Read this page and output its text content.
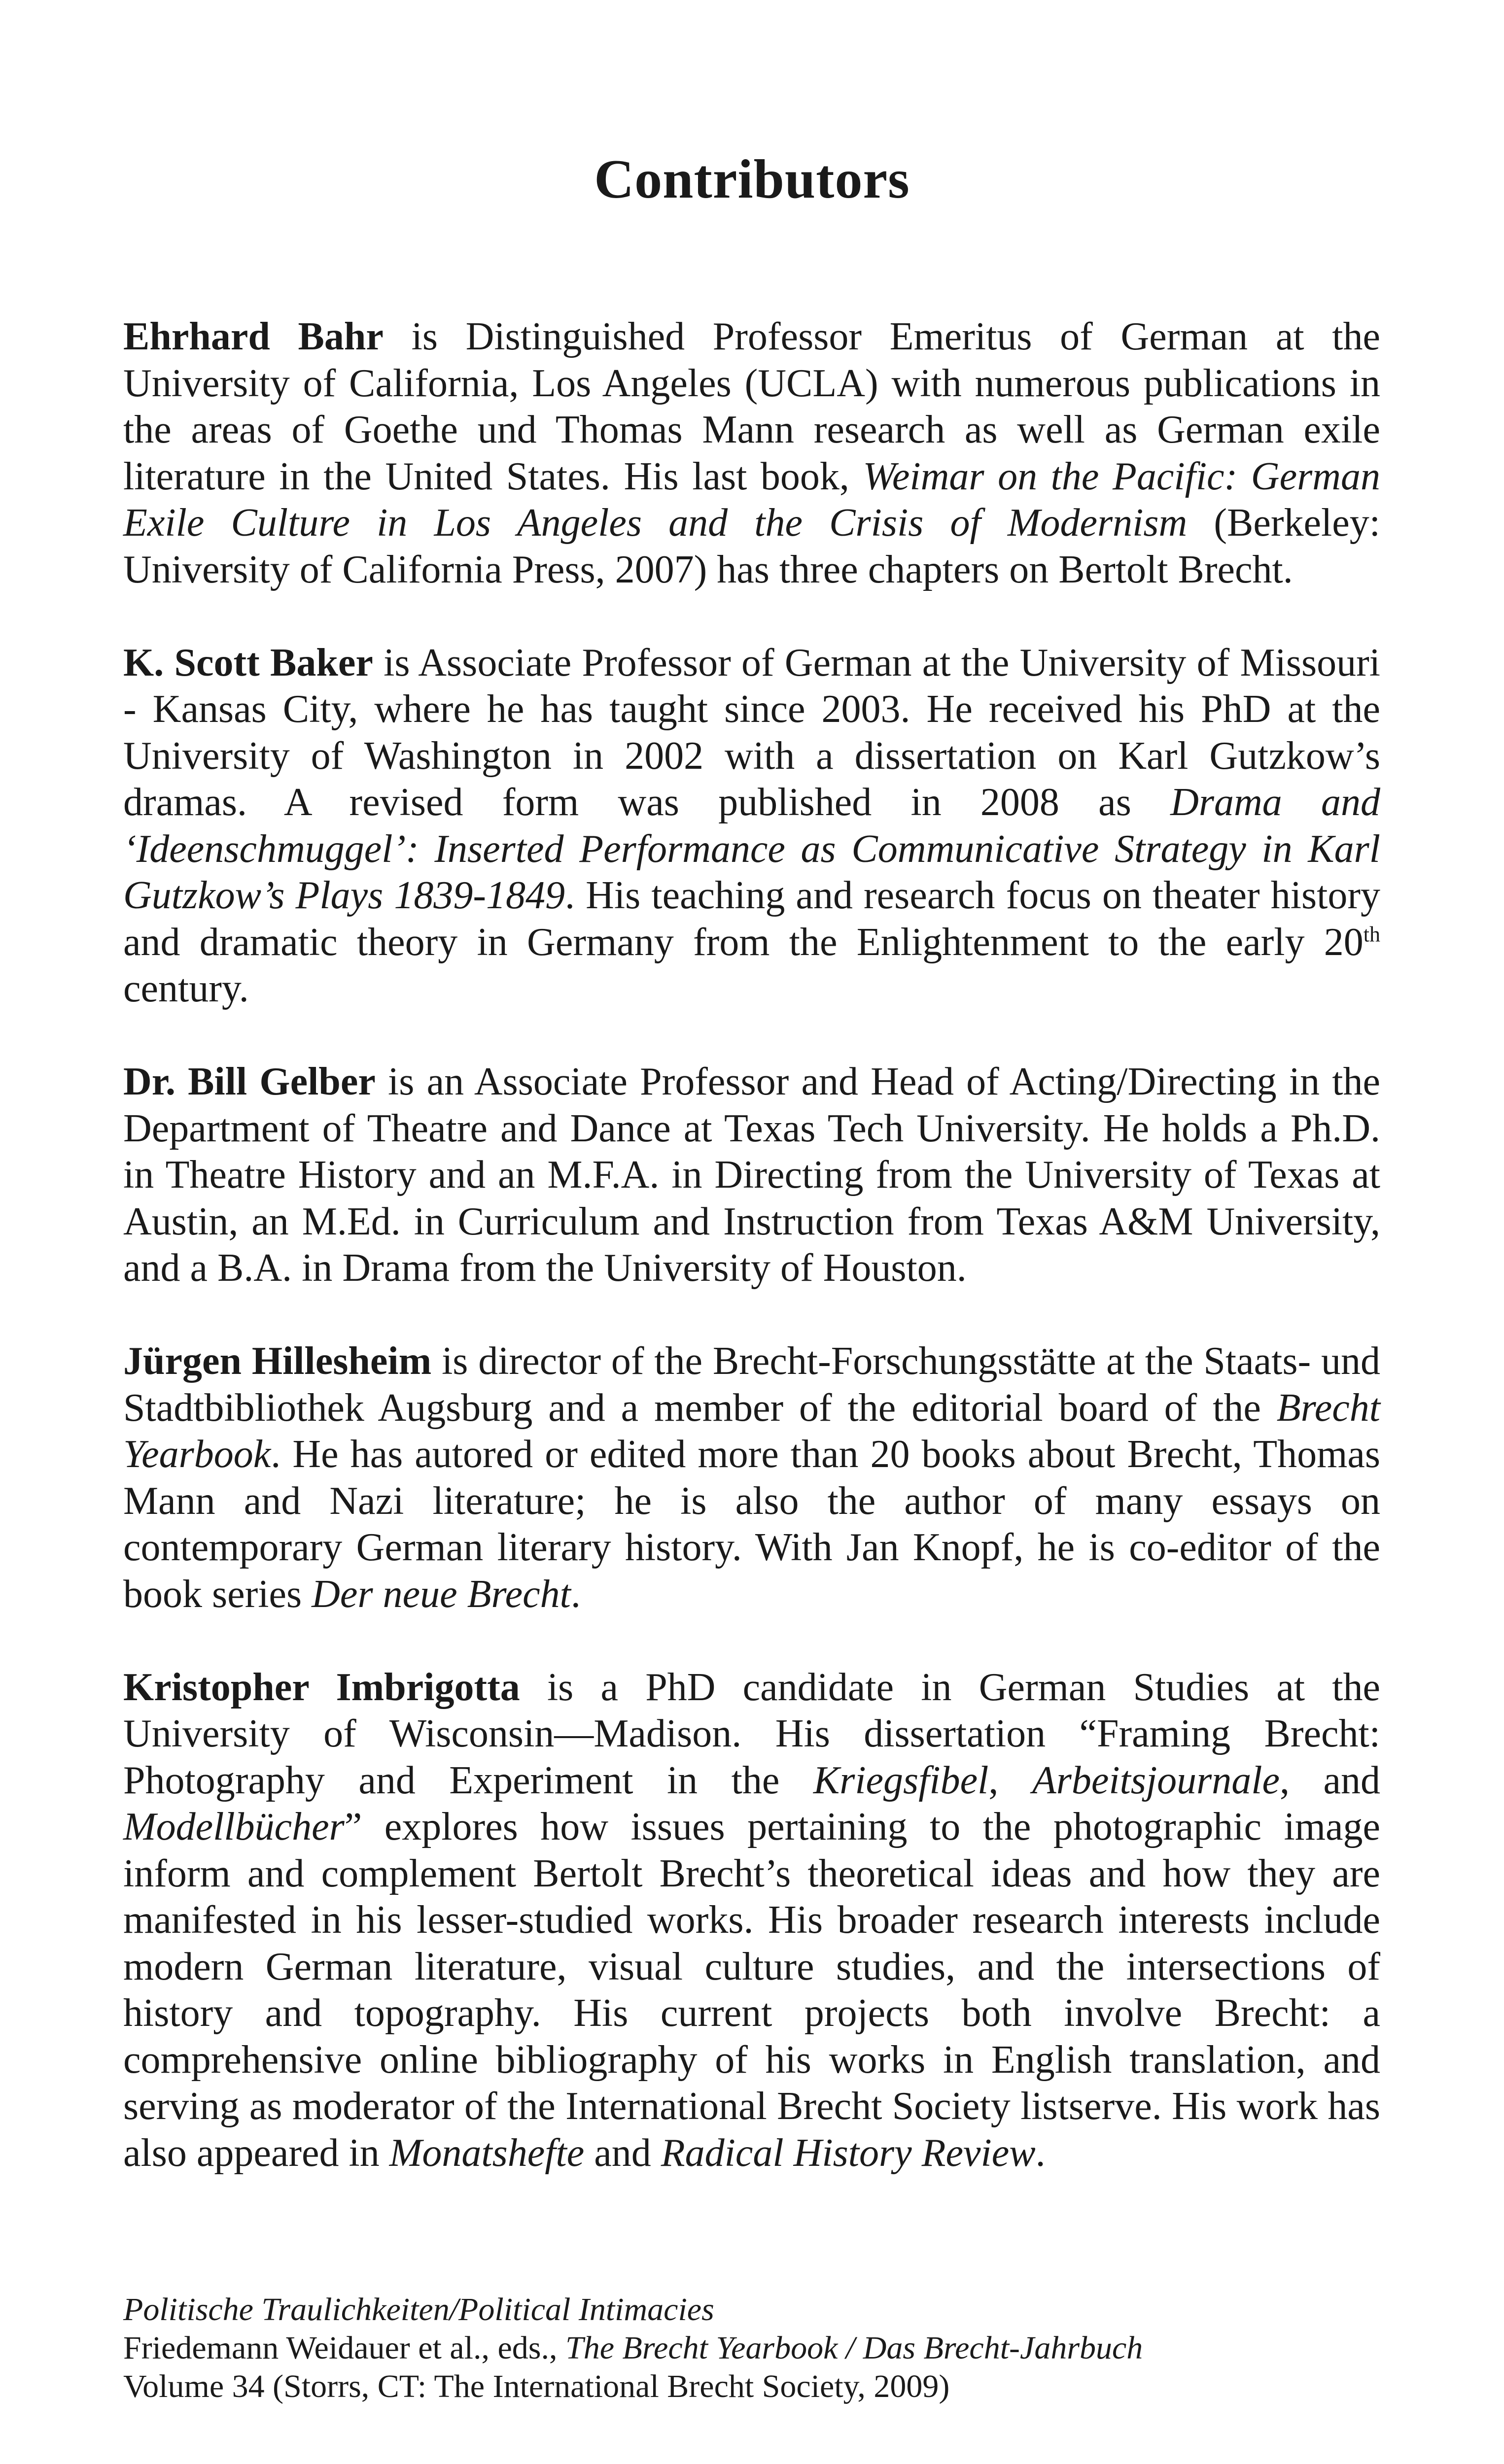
Contributors

Ehrhard Bahr is Distinguished Professor Emeritus of German at the University of California, Los Angeles (UCLA) with numerous publications in the areas of Goethe und Thomas Mann research as well as German exile literature in the United States. His last book, Weimar on the Pacific: German Exile Culture in Los Angeles and the Crisis of Modernism (Berkeley: University of California Press, 2007) has three chapters on Bertolt Brecht.

K. Scott Baker is Associate Professor of German at the University of Missouri - Kansas City, where he has taught since 2003. He received his PhD at the University of Washington in 2002 with a dissertation on Karl Gutzkow’s dramas. A revised form was published in 2008 as Drama and ‘Ideenschmuggel’: Inserted Performance as Communicative Strategy in Karl Gutzkow’s Plays 1839-1849. His teaching and research focus on theater history and dramatic theory in Germany from the Enlightenment to the early 20th century.

Dr. Bill Gelber is an Associate Professor and Head of Acting/Directing in the Department of Theatre and Dance at Texas Tech University. He holds a Ph.D. in Theatre History and an M.F.A. in Directing from the University of Texas at Austin, an M.Ed. in Curriculum and Instruction from Texas A&M University, and a B.A. in Drama from the University of Houston.

Jürgen Hillesheim is director of the Brecht-Forschungsstätte at the Staats- und Stadtbibliothek Augsburg and a member of the editorial board of the Brecht Yearbook. He has autored or edited more than 20 books about Brecht, Thomas Mann and Nazi literature; he is also the author of many essays on contemporary German literary history. With Jan Knopf, he is co-editor of the book series Der neue Brecht.

Kristopher Imbrigotta is a PhD candidate in German Studies at the University of Wisconsin—Madison. His dissertation “Framing Brecht: Photography and Experiment in the Kriegsfibel, Arbeitsjournale, and Modellbücher” explores how issues pertaining to the photographic image inform and complement Bertolt Brecht’s theoretical ideas and how they are manifested in his lesser-studied works. His broader research interests include modern German literature, visual culture studies, and the intersections of history and topography. His current projects both involve Brecht: a comprehensive online bibliography of his works in English translation, and serving as moderator of the International Brecht Society listserve. His work has also appeared in Monatshefte and Radical History Review.

Politische Traulichkeiten/Political Intimacies
Friedemann Weidauer et al., eds., The Brecht Yearbook / Das Brecht-Jahrbuch
Volume 34 (Storrs, CT: The International Brecht Society, 2009)
